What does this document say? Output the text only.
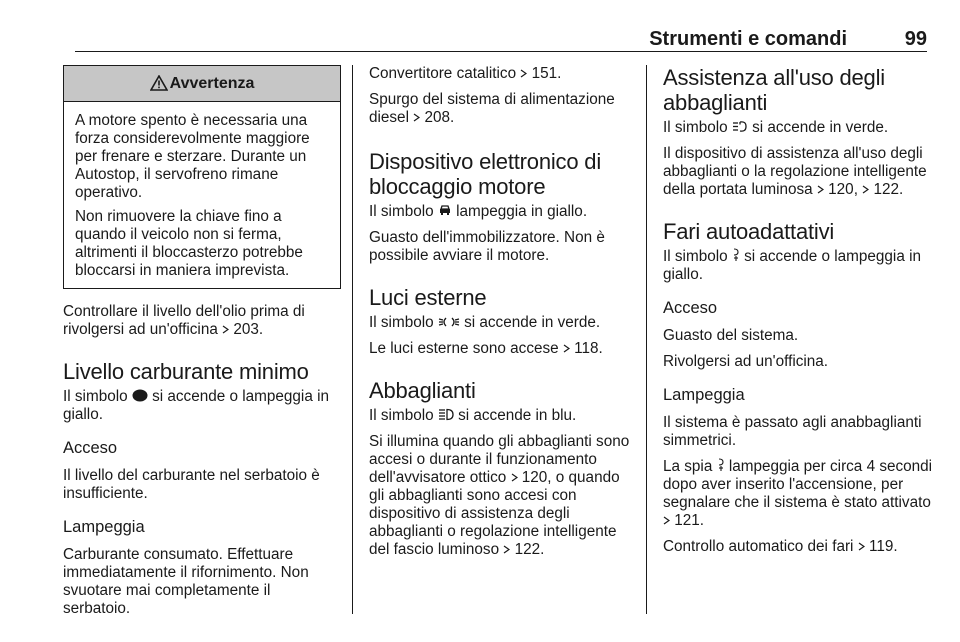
Strumenti e comandi	99
Avvertenza

A motore spento è necessaria una forza considerevolmente maggiore per frenare e sterzare. Durante un Autostop, il servofreno rimane operativo.

Non rimuovere la chiave fino a quando il veicolo non si ferma, altrimenti il bloccasterzo potrebbe bloccarsi in maniera imprevista.

Controllare il livello dell'olio prima di rivolgersi ad un'officina 203.

Livello carburante minimo

Il simbolo si accende o lampeggia in giallo.

Acceso

Il livello del carburante nel serbatoio è insufficiente.

Lampeggia

Carburante consumato. Effettuare immediatamente il rifornimento. Non svuotare mai completamente il serbatoio.

Convertitore catalitico 151.

Spurgo del sistema di alimentazione diesel 208.

Dispositivo elettronico di bloccaggio motore

Il simbolo lampeggia in giallo.

Guasto dell'immobilizzatore. Non è possibile avviare il motore.

Luci esterne

Il simbolo si accende in verde.

Le luci esterne sono accese 118.

Abbaglianti

Il simbolo si accende in blu.

Si illumina quando gli abbaglianti sono accesi o durante il funzionamento dell'avvisatore ottico 120, o quando gli abbaglianti sono accesi con dispositivo di assistenza degli abbaglianti o regolazione intelligente del fascio luminoso 122.

Assistenza all'uso degli abbaglianti

Il simbolo si accende in verde.

Il dispositivo di assistenza all'uso degli abbaglianti o la regolazione intelligente della portata luminosa 120, 122.

Fari autoadattativi

Il simbolo si accende o lampeggia in giallo.

Acceso

Guasto del sistema.

Rivolgersi ad un'officina.

Lampeggia

Il sistema è passato agli anabbaglianti simmetrici.

La spia lampeggia per circa 4 secondi dopo aver inserito l'accensione, per segnalare che il sistema è stato attivato  121.

Controllo automatico dei fari 119.
